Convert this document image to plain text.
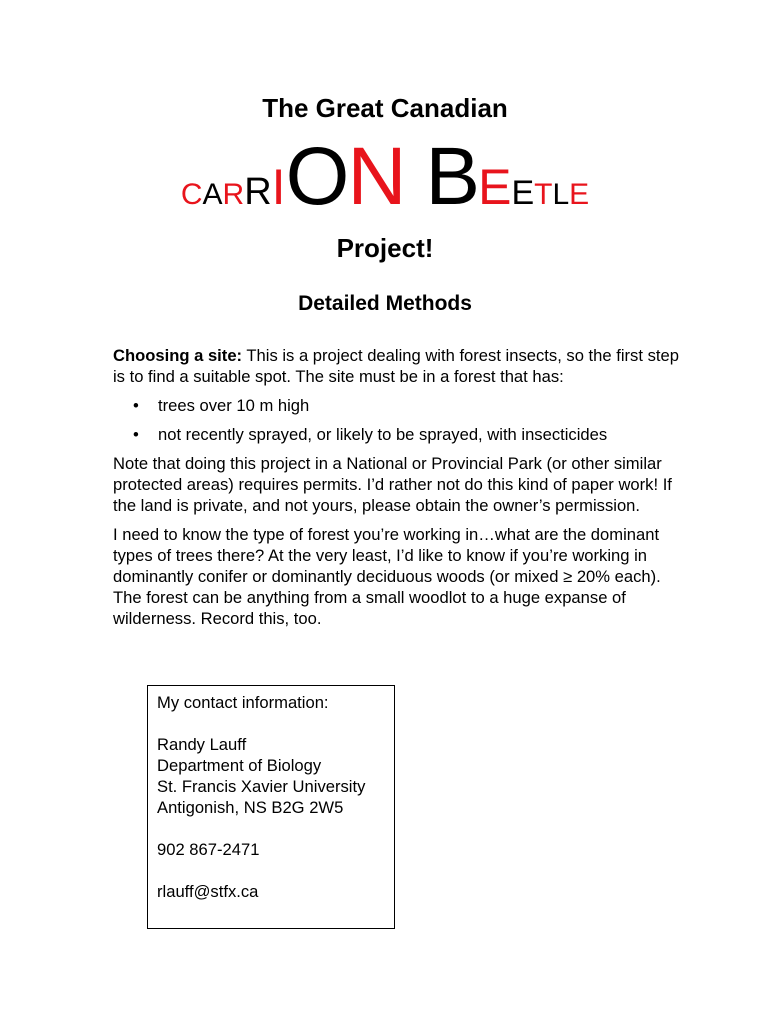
The Great Canadian
CARRION BEETLE
Project!
Detailed Methods

Choosing a site: This is a project dealing with forest insects, so the first step is to find a suitable spot. The site must be in a forest that has:

• trees over 10 m high
• not recently sprayed, or likely to be sprayed, with insecticides

Note that doing this project in a National or Provincial Park (or other similar protected areas) requires permits. I’d rather not do this kind of paper work! If the land is private, and not yours, please obtain the owner’s permission.

I need to know the type of forest you’re working in…what are the dominant types of trees there? At the very least, I’d like to know if you’re working in dominantly conifer or dominantly deciduous woods (or mixed ≥ 20% each). The forest can be anything from a small woodlot to a huge expanse of wilderness. Record this, too.

My contact information:
Randy Lauff
Department of Biology
St. Francis Xavier University
Antigonish, NS B2G 2W5
902 867-2471
rlauff@stfx.ca
